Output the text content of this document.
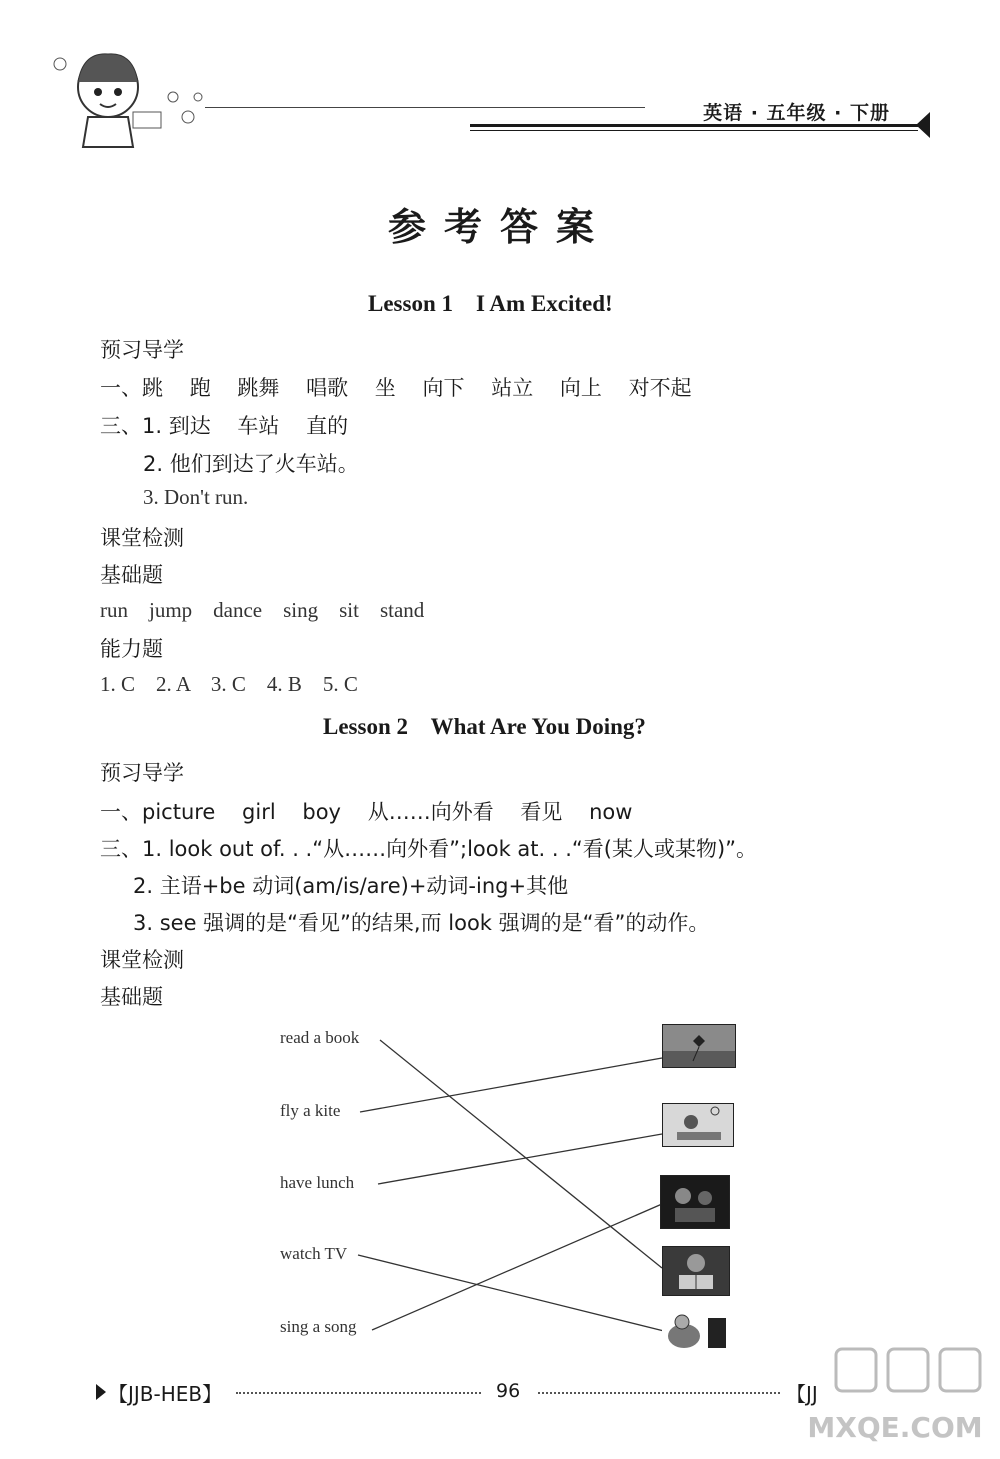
英语 · 五年级 · 下册
参考答案
Lesson 1    I Am Excited!
预习导学
一、跳    跑    跳舞    唱歌    坐    向下    站立    向上    对不起
三、1. 到达    车站    直的
2. 他们到达了火车站。
3. Don't run.
课堂检测
基础题
run    jump    dance    sing    sit    stand
能力题
1. C    2. A    3. C    4. B    5. C
Lesson 2    What Are You Doing?
预习导学
一、picture    girl    boy    从……向外看    看见    now
三、1. look out of. . .“从……向外看”;look at. . .“看(某人或某物)”。
2. 主语+be 动词(am/is/are)+动词-ing+其他
3. see 强调的是“看见”的结果,而 look 强调的是“看”的动作。
课堂检测
基础题
read a book
fly a kite
have lunch
watch TV
sing a song
【JJB-HEB】	96	【JJ
MXQE.COM
